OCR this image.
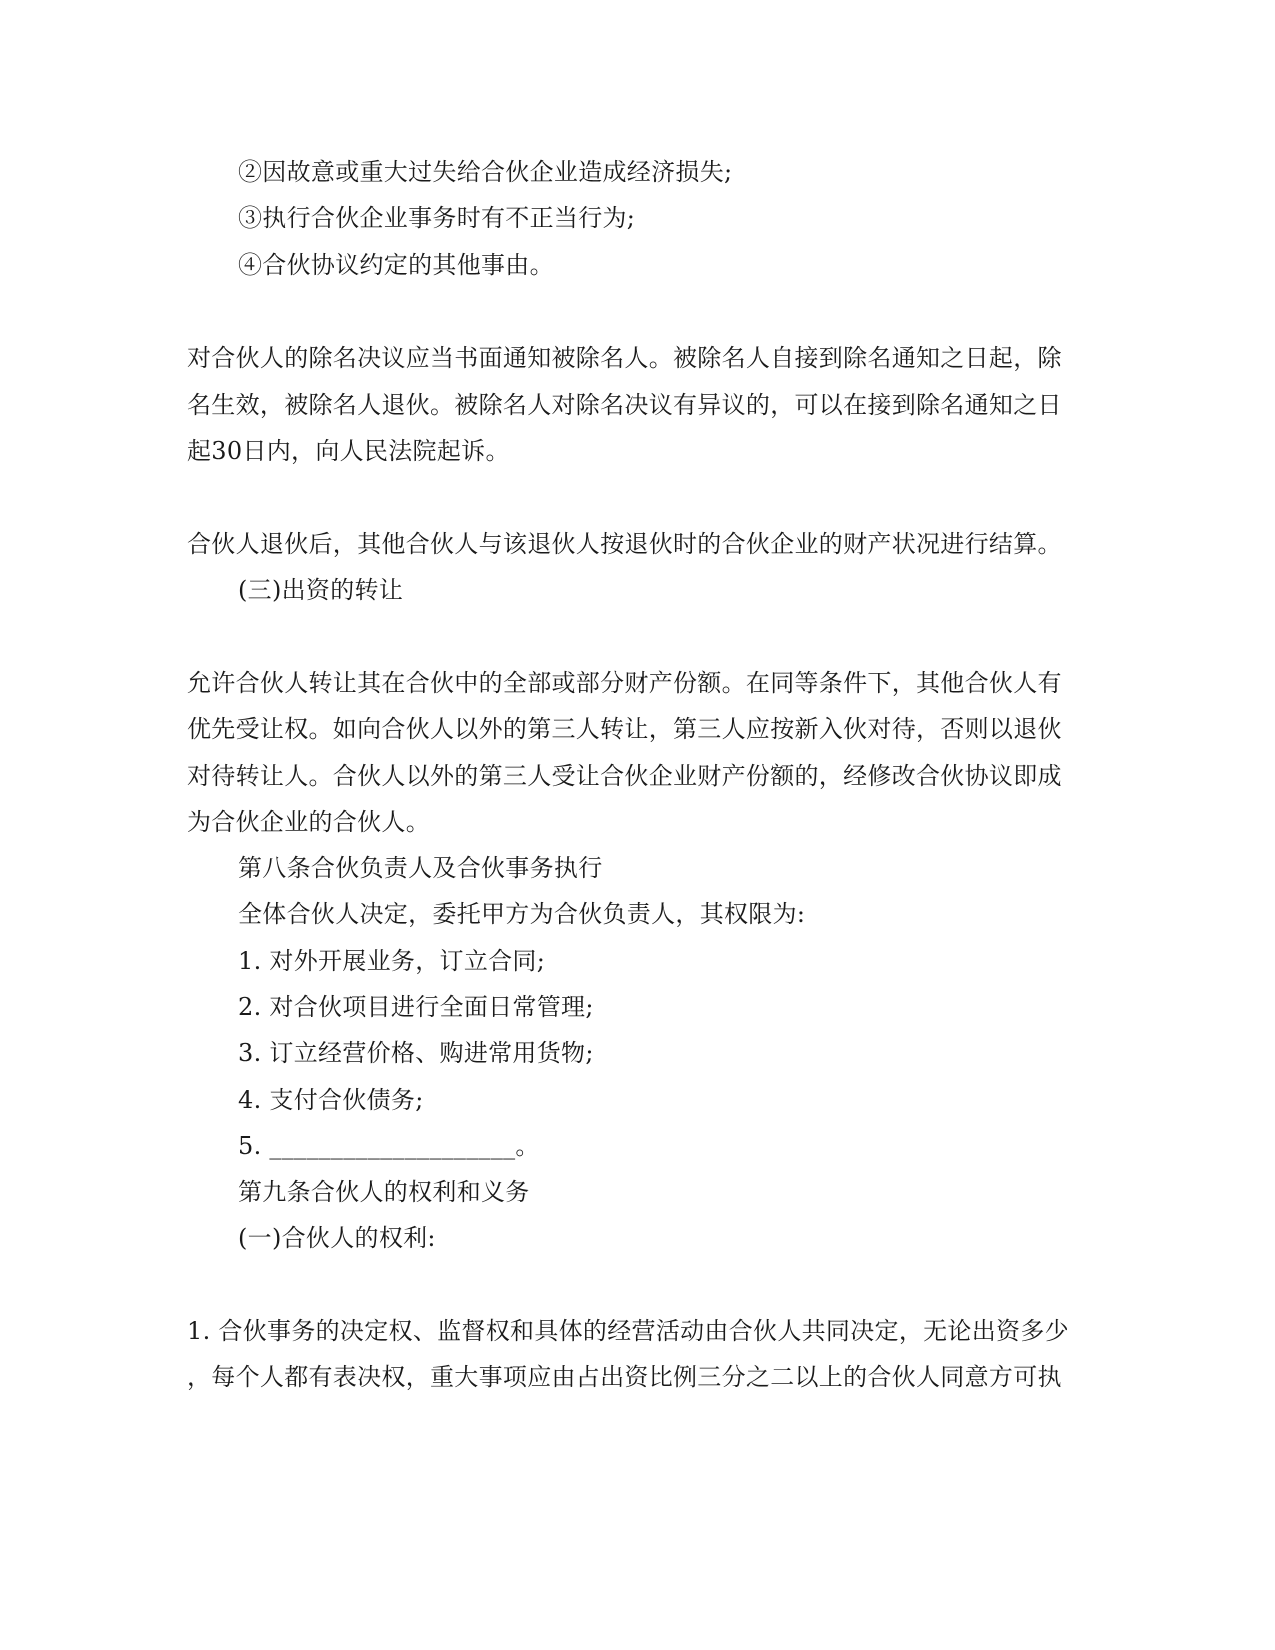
②因故意或重大过失给合伙企业造成经济损失;
③执行合伙企业事务时有不正当行为;
④合伙协议约定的其他事由。
对合伙人的除名决议应当书面通知被除名人。被除名人自接到除名通知之日起，除
名生效，被除名人退伙。被除名人对除名决议有异议的，可以在接到除名通知之日
起30日内，向人民法院起诉。
合伙人退伙后，其他合伙人与该退伙人按退伙时的合伙企业的财产状况进行结算。
(三)出资的转让
允许合伙人转让其在合伙中的全部或部分财产份额。在同等条件下，其他合伙人有
优先受让权。如向合伙人以外的第三人转让，第三人应按新入伙对待，否则以退伙
对待转让人。合伙人以外的第三人受让合伙企业财产份额的，经修改合伙协议即成
为合伙企业的合伙人。
第八条合伙负责人及合伙事务执行
全体合伙人决定，委托甲方为合伙负责人，其权限为:
1. 对外开展业务，订立合同;
2. 对合伙项目进行全面日常管理;
3. 订立经营价格、购进常用货物;
4. 支付合伙债务;
5. ____________________。
第九条合伙人的权利和义务
(一)合伙人的权利:
1. 合伙事务的决定权、监督权和具体的经营活动由合伙人共同决定，无论出资多少
，每个人都有表决权，重大事项应由占出资比例三分之二以上的合伙人同意方可执
